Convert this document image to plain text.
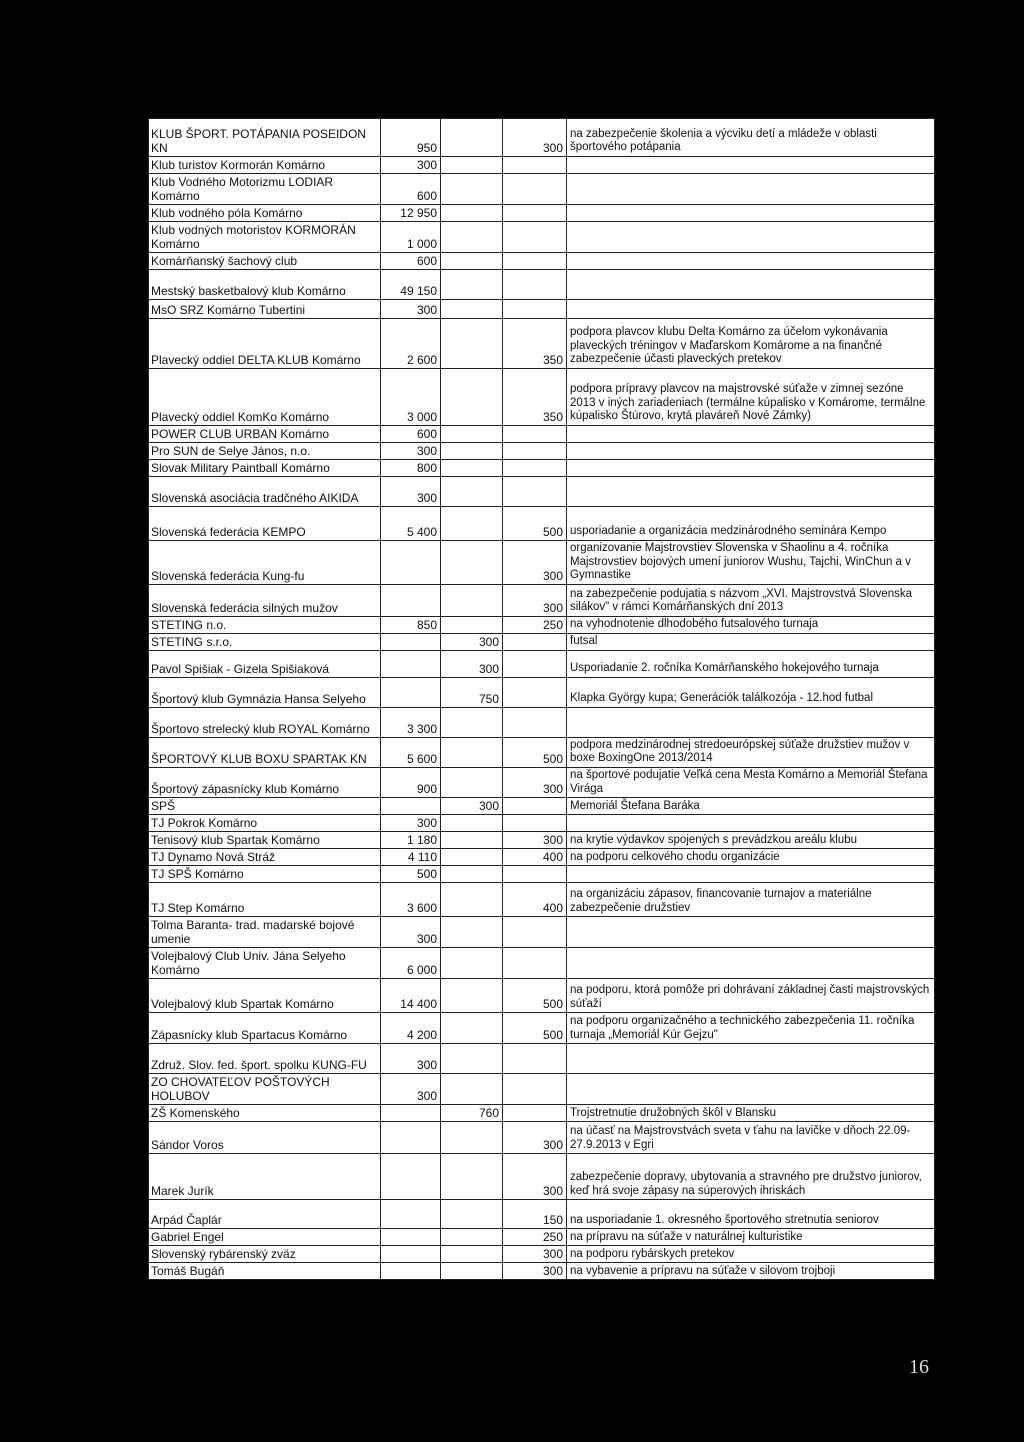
KLUB ŠPORT. POTÁPANIA POSEIDON KN	950		300	na zabezpečenie školenia a výcviku detí a mládeže v oblasti športového potápania
Klub turistov Kormorán Komárno	300			
Klub Vodného Motorizmu LODIAR Komárno	600			
Klub vodného póla Komárno	12 950			
Klub vodných motoristov KORMORÁN Komárno	1 000			
Komárňanský šachový club	600			
Mestský basketbalový klub Komárno	49 150			
MsO SRZ Komárno Tubertini	300			
Plavecký oddiel DELTA KLUB Komárno	2 600		350	podpora plavcov klubu Delta Komárno za účelom vykonávania plaveckých tréningov v Maďarskom Komárome a na finančné zabezpečenie účasti plaveckých pretekov
Plavecký oddiel KomKo Komárno	3 000		350	podpora prípravy plavcov na majstrovské súťaže v zimnej sezóne 2013 v iných zariadeniach (termálne kúpalisko v Komárome, termálne kúpalisko Štúrovo, krytá plaváreň Nové Zámky)
POWER CLUB URBAN Komárno	600			
Pro SUN de Selye János, n.o.	300			
Slovak Military Paintball Komárno	800			
Slovenská asociácia tradčného AIKIDA	300			
Slovenská federácia KEMPO	5 400		500	usporiadanie a organizácia medzinárodného seminára Kempo
Slovenská federácia Kung-fu			300	organizovanie Majstrovstiev Slovenska v Shaolinu a 4. ročníka Majstrovstiev bojových umení juniorov Wushu, Tajchi, WinChun a v Gymnastike
Slovenská federácia silných mužov			300	na zabezpečenie podujatia s názvom „XVI. Majstrovstvá Slovenska silákov" v rámci Komárňanských dní 2013
STETING n.o.	850		250	na vyhodnotenie dlhodobého futsalového turnaja
STETING s.r.o.		300		futsal
Pavol Spišiak - Gizela Spišiaková		300		Usporiadanie 2. ročníka Komárňanského hokejového turnaja
Športový klub Gymnázia Hansa Selyeho		750		Klapka György kupa; Generációk találkozója - 12.hod futbal
Športovo strelecký klub ROYAL Komárno	3 300			
ŠPORTOVÝ KLUB BOXU SPARTAK KN	5 600		500	podpora medzinárodnej stredoeurópskej súťaže družstiev mužov v boxe BoxingOne 2013/2014
Športový zápasnícky klub Komárno	900		300	na športové podujatie Veľká cena Mesta Komárno a Memoriál Štefana Virága
SPŠ		300		Memoriál Štefana Baráka
TJ Pokrok Komárno	300			
Tenisový klub Spartak Komárno	1 180		300	na krytie výdavkov spojených s prevádzkou areálu klubu
TJ Dynamo Nová Stráž	4 110		400	na podporu celkového chodu organizácie
TJ SPŠ Komárno	500			
TJ Step Komárno	3 600		400	na organizáciu zápasov, financovanie turnajov a materiálne zabezpečenie družstiev
Tolma Baranta- trad. madarské bojové umenie	300			
Volejbalový Club Univ. Jána Selyeho Komárno	6 000			
Volejbalový klub Spartak Komárno	14 400		500	na podporu, ktorá pomôže pri dohrávaní základnej časti majstrovských súťaží
Zápasnícky klub Spartacus Komárno	4 200		500	na podporu organizačného a technického zabezpečenia 11. ročníka turnaja „Memoriál Kúr Gejzu"
Združ. Slov. fed. šport. spolku KUNG-FU	300			
ZO CHOVATEĽOV POŠTOVÝCH HOLUBOV	300			
ZŠ Komenského		760		Trojstretnutie družobných škôl v Blansku
Sándor Voros			300	na účasť na Majstrovstvách sveta v ťahu na lavičke v dňoch 22.09-27.9.2013 v Egri
Marek Jurík			300	zabezpečenie dopravy, ubytovania a stravného pre družstvo juniorov, keď hrá svoje zápasy na súperových ihriskách
Arpád Čaplár			150	na usporiadanie 1. okresného športového stretnutia seniorov
Gabriel Engel			250	na prípravu na súťaže v naturálnej kulturistike
Slovenský rybárenský zväz			300	na podporu rybárskych pretekov
Tomáš Bugáň			300	na vybavenie a prípravu na súťaže v silovom trojboji
16
